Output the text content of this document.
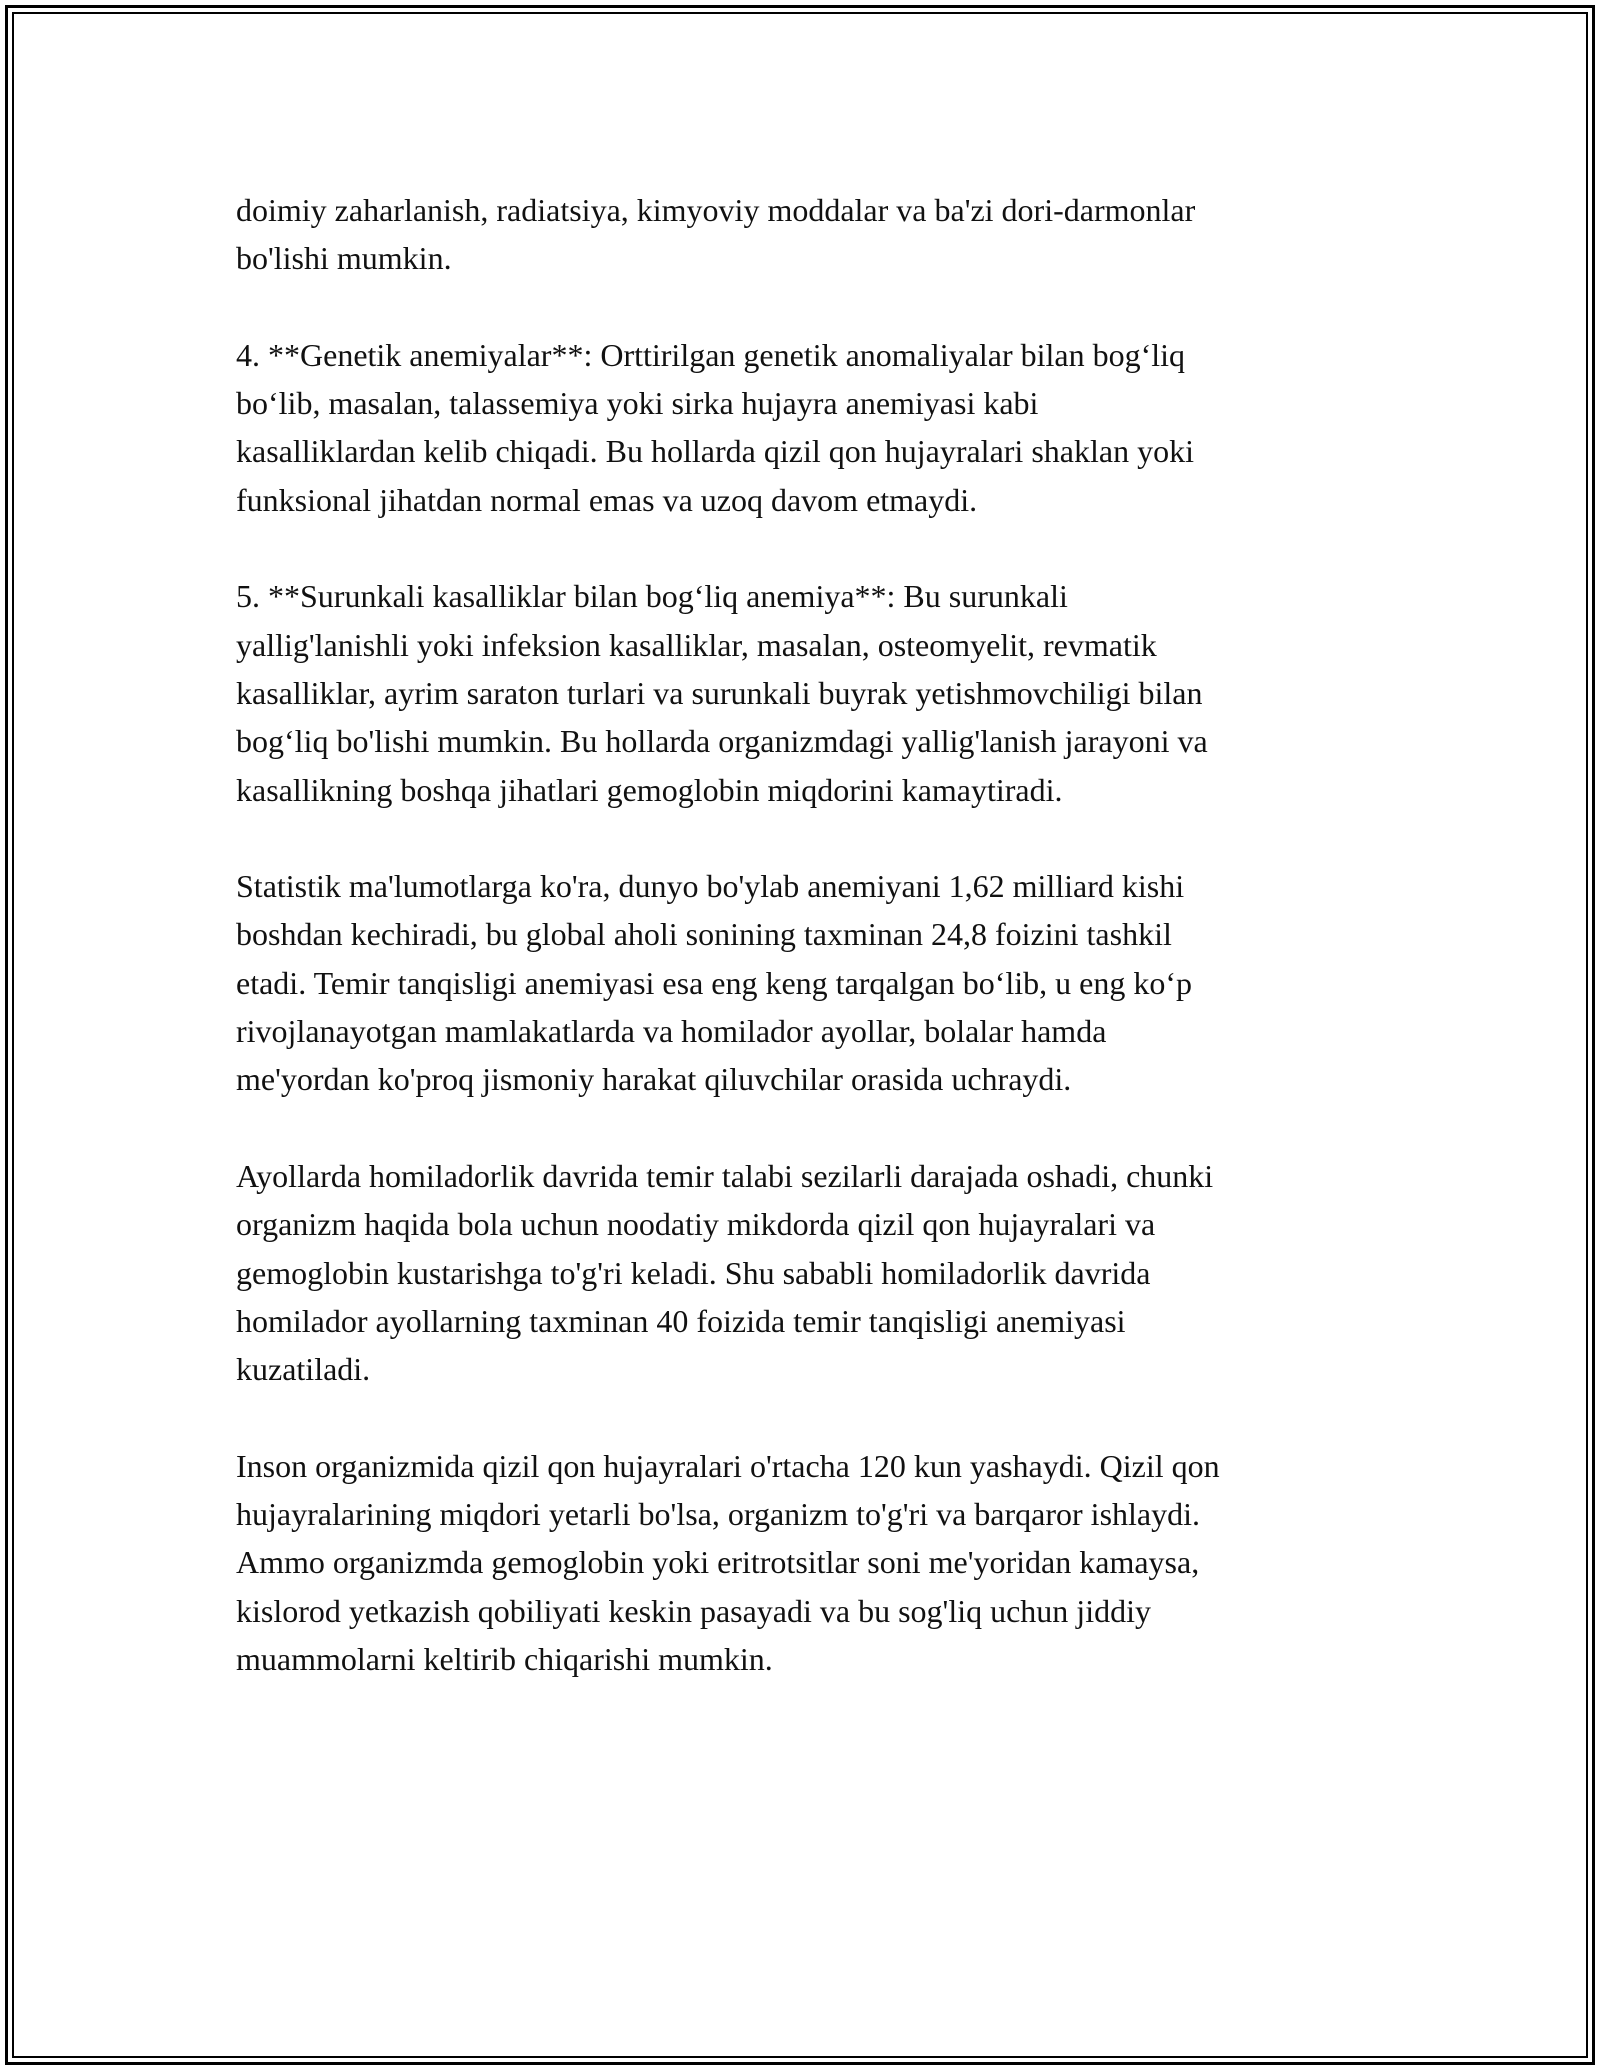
doimiy zaharlanish, radiatsiya, kimyoviy moddalar va ba'zi dori-darmonlar
bo'lishi mumkin.

4. **Genetik anemiyalar**: Orttirilgan genetik anomaliyalar bilan bog‘liq
bo‘lib, masalan, talassemiya yoki sirka hujayra anemiyasi kabi
kasalliklardan kelib chiqadi. Bu hollarda qizil qon hujayralari shaklan yoki
funksional jihatdan normal emas va uzoq davom etmaydi.

5. **Surunkali kasalliklar bilan bog‘liq anemiya**: Bu surunkali
yallig'lanishli yoki infeksion kasalliklar, masalan, osteomyelit, revmatik
kasalliklar, ayrim saraton turlari va surunkali buyrak yetishmovchiligi bilan
bog‘liq bo'lishi mumkin. Bu hollarda organizmdagi yallig'lanish jarayoni va
kasallikning boshqa jihatlari gemoglobin miqdorini kamaytiradi.

Statistik ma'lumotlarga ko'ra, dunyo bo'ylab anemiyani 1,62 milliard kishi
boshdan kechiradi, bu global aholi sonining taxminan 24,8 foizini tashkil
etadi. Temir tanqisligi anemiyasi esa eng keng tarqalgan bo‘lib, u eng ko‘p
rivojlanayotgan mamlakatlarda va homilador ayollar, bolalar hamda
me'yordan ko'proq jismoniy harakat qiluvchilar orasida uchraydi.

Ayollarda homiladorlik davrida temir talabi sezilarli darajada oshadi, chunki
organizm haqida bola uchun noodatiy mikdorda qizil qon hujayralari va
gemoglobin kustarishga to'g'ri keladi. Shu sababli homiladorlik davrida
homilador ayollarning taxminan 40 foizida temir tanqisligi anemiyasi
kuzatiladi.

Inson organizmida qizil qon hujayralari o'rtacha 120 kun yashaydi. Qizil qon
hujayralarining miqdori yetarli bo'lsa, organizm to'g'ri va barqaror ishlaydi.
Ammo organizmda gemoglobin yoki eritrotsitlar soni me'yoridan kamaysa,
kislorod yetkazish qobiliyati keskin pasayadi va bu sog'liq uchun jiddiy
muammolarni keltirib chiqarishi mumkin.
